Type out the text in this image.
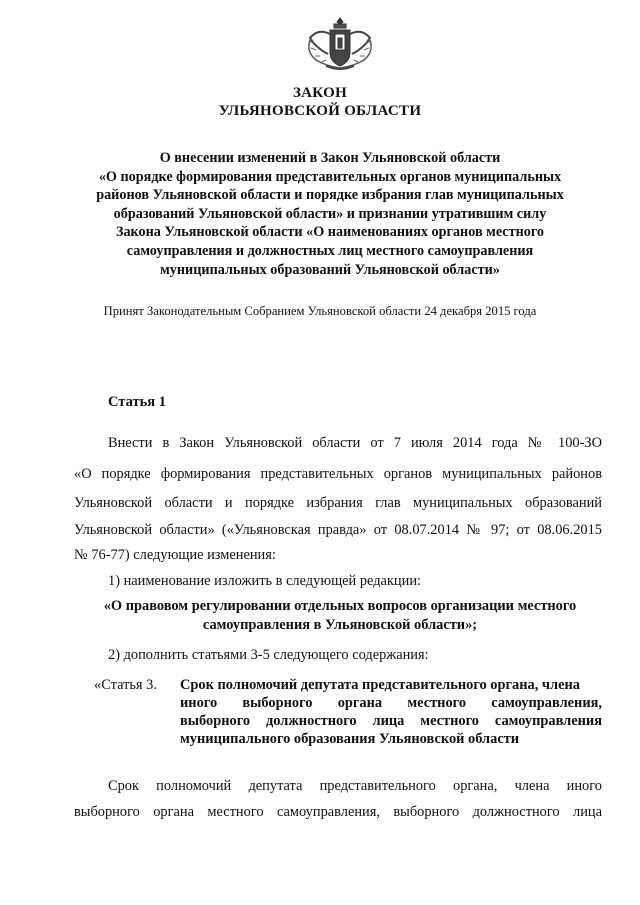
ЗАКОН
УЛЬЯНОВСКОЙ ОБЛАСТИ
О внесении изменений в Закон Ульяновской области
«О порядке формирования представительных органов муниципальных
районов Ульяновской области и порядке избрания глав муниципальных
образований Ульяновской области» и признании утратившим силу
Закона Ульяновской области «О наименованиях органов местного
самоуправления и должностных лиц местного самоуправления
муниципальных образований Ульяновской области»
Принят Законодательным Собранием Ульяновской области 24 декабря 2015 года
Статья 1
Внести в Закон Ульяновской области от 7 июля 2014 года № 100-ЗО
«О порядке формирования представительных органов муниципальных районов
Ульяновской области и порядке избрания глав муниципальных образований
Ульяновской области» («Ульяновская правда» от 08.07.2014 № 97; от 08.06.2015
№ 76-77) следующие изменения:
1) наименование изложить в следующей редакции:
«О правовом регулировании отдельных вопросов организации местного
самоуправления в Ульяновской области»;
2) дополнить статьями 3-5 следующего содержания:
«Статья 3. Срок полномочий депутата представительного органа, члена
иного выборного органа местного самоуправления,
выборного должностного лица местного самоуправления
муниципального образования Ульяновской области
Срок полномочий депутата представительного органа, члена иного
выборного органа местного самоуправления, выборного должностного лица
